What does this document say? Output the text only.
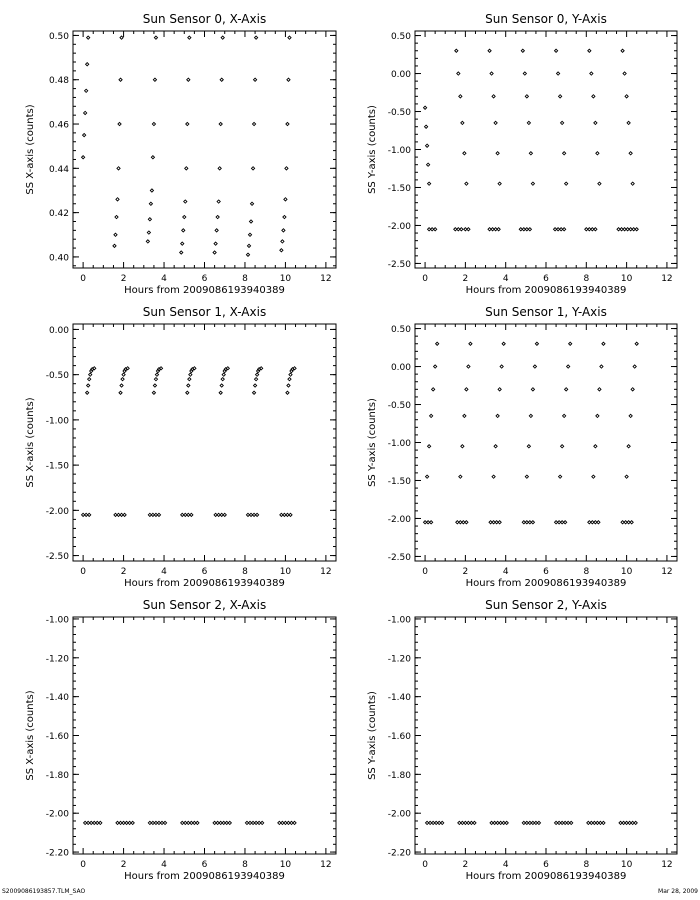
Sun Sensor 0, X-Axis
0	2	4	6	8	10	12
0.40
0.42
0.44
0.46
0.48
0.50
Hours from 2009086193940389
SS X-axis (counts)
Sun Sensor 0, Y-Axis
0	2	4	6	8	10	12
-2.50
-2.00
-1.50
-1.00
-0.50
0.00
0.50
Hours from 2009086193940389
SS Y-axis (counts)
Sun Sensor 1, X-Axis
0	2	4	6	8	10	12
-2.50
-2.00
-1.50
-1.00
-0.50
0.00
Hours from 2009086193940389
SS X-axis (counts)
Sun Sensor 1, Y-Axis
0	2	4	6	8	10	12
-2.50
-2.00
-1.50
-1.00
-0.50
0.00
0.50
Hours from 2009086193940389
SS Y-axis (counts)
Sun Sensor 2, X-Axis
0	2	4	6	8	10	12
-2.20
-2.00
-1.80
-1.60
-1.40
-1.20
-1.00
Hours from 2009086193940389
SS X-axis (counts)
Sun Sensor 2, Y-Axis
0	2	4	6	8	10	12
-2.20
-2.00
-1.80
-1.60
-1.40
-1.20
-1.00
Hours from 2009086193940389
SS Y-axis (counts)
S2009086193857.TLM_SAO	Mar 28, 2009
